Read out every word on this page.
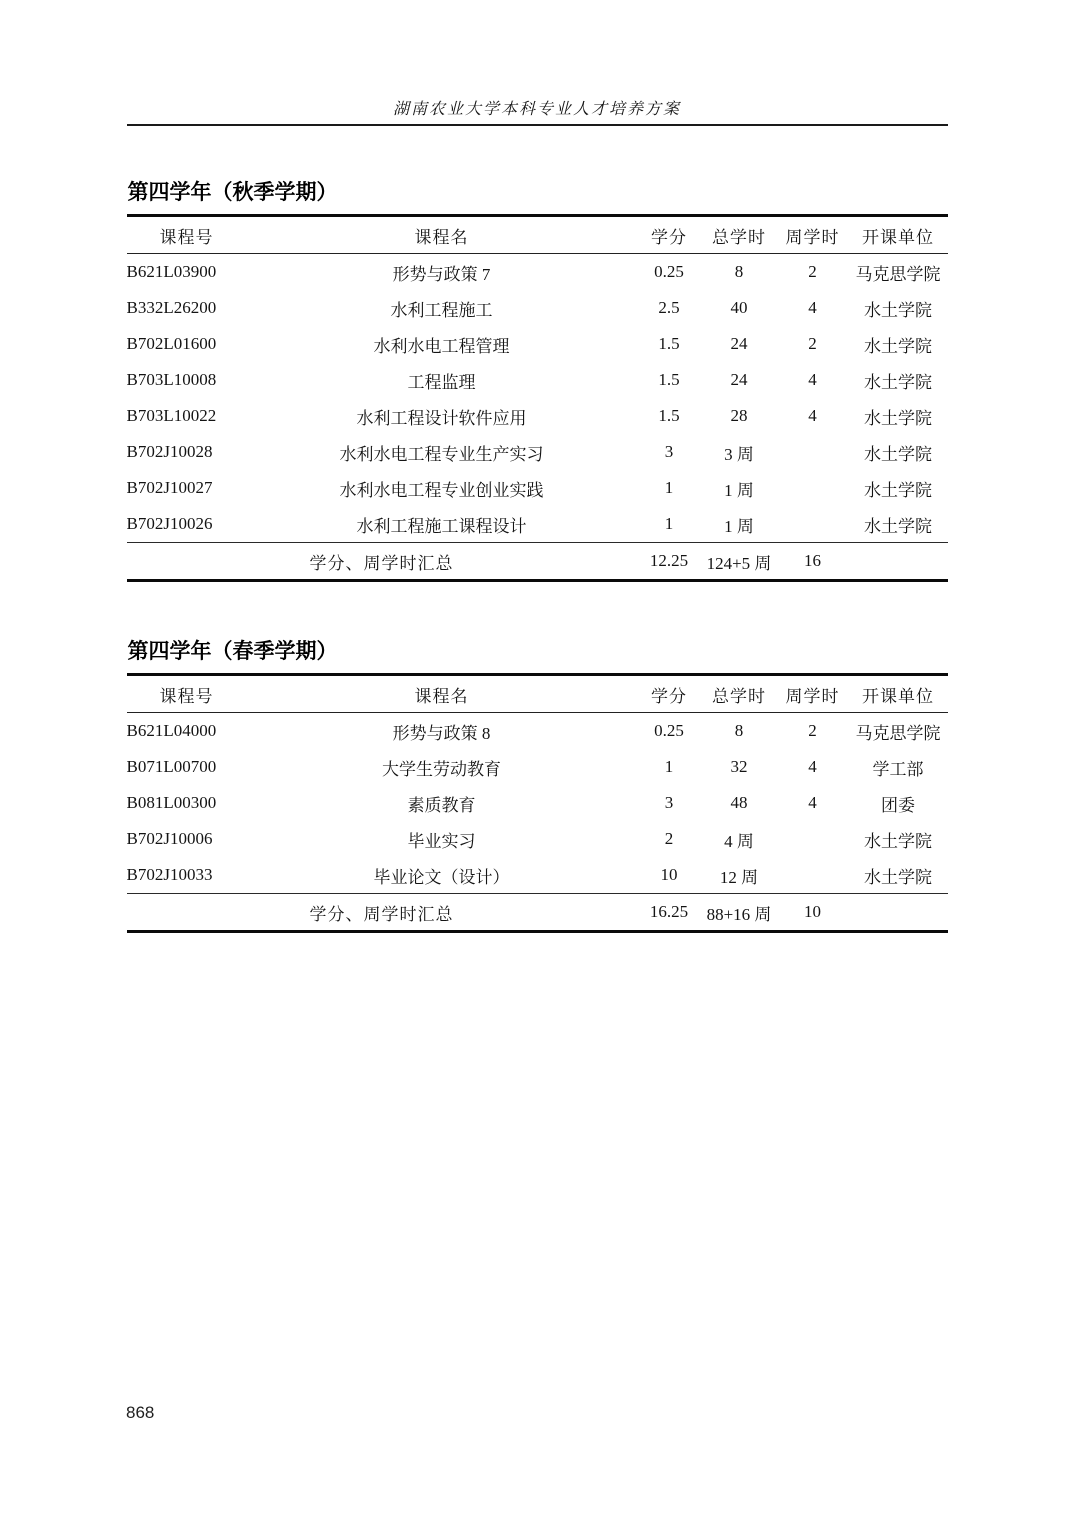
湖南农业大学本科专业人才培养方案
第四学年（秋季学期）
课程号	课程名	学分	总学时	周学时	开课单位
B621L03900	形势与政策 7	0.25	8	2	马克思学院
B332L26200	水利工程施工	2.5	40	4	水土学院
B702L01600	水利水电工程管理	1.5	24	2	水土学院
B703L10008	工程监理	1.5	24	4	水土学院
B703L10022	水利工程设计软件应用	1.5	28	4	水土学院
B702J10028	水利水电工程专业生产实习	3	3 周		水土学院
B702J10027	水利水电工程专业创业实践	1	1 周		水土学院
B702J10026	水利工程施工课程设计	1	1 周		水土学院
学分、周学时汇总		12.25	124+5 周	16	
第四学年（春季学期）
课程号	课程名	学分	总学时	周学时	开课单位
B621L04000	形势与政策 8	0.25	8	2	马克思学院
B071L00700	大学生劳动教育	1	32	4	学工部
B081L00300	素质教育	3	48	4	团委
B702J10006	毕业实习	2	4 周		水土学院
B702J10033	毕业论文（设计）	10	12 周		水土学院
学分、周学时汇总		16.25	88+16 周	10	
868
